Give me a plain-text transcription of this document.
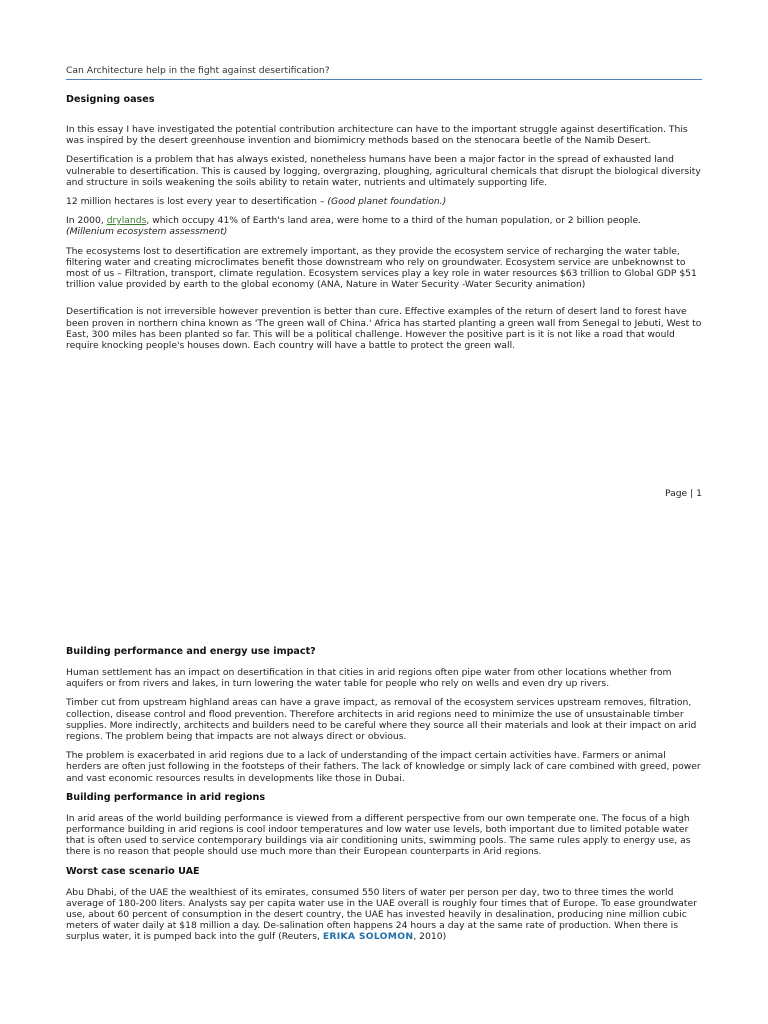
Can Architecture help in the fight against desertification?
Designing oases

In this essay I have investigated the potential contribution architecture can have to the important struggle against desertification. This was inspired by the desert greenhouse invention and biomimicry methods based on the stenocara beetle of the Namib Desert.

Desertification is a problem that has always existed, nonetheless humans have been a major factor in the spread of exhausted land vulnerable to desertification. This is caused by logging, overgrazing, ploughing, agricultural chemicals that disrupt the biological diversity and structure in soils weakening the soils ability to retain water, nutrients and ultimately supporting life.

12 million hectares is lost every year to desertification – (Good planet foundation.)

In 2000, drylands, which occupy 41% of Earth's land area, were home to a third of the human population, or 2 billion people.
(Millenium ecosystem assessment)

The ecosystems lost to desertification are extremely important, as they provide the ecosystem service of recharging the water table, filtering water and creating microclimates benefit those downstream who rely on groundwater. Ecosystem service are unbeknownst to most of us – Filtration, transport, climate regulation. Ecosystem services play a key role in water resources $63 trillion to Global GDP $51 trillion value provided by earth to the global economy (ANA, Nature in Water Security -Water Security animation)

Desertification is not irreversible however prevention is better than cure. Effective examples of the return of desert land to forest have been proven in northern china known as 'The green wall of China.' Africa has started planting a green wall from Senegal to Jebuti, West to East, 300 miles has been planted so far. This will be a political challenge. However the positive part is it is not like a road that would require knocking people's houses down. Each country will have a battle to protect the green wall.

Page | 1
Building performance and energy use impact?

Human settlement has an impact on desertification in that cities in arid regions often pipe water from other locations whether from aquifers or from rivers and lakes, in turn lowering the water table for people who rely on wells and even dry up rivers.

Timber cut from upstream highland areas can have a grave impact, as removal of the ecosystem services upstream removes, filtration, collection, disease control and flood prevention. Therefore architects in arid regions need to minimize the use of unsustainable timber supplies. More indirectly, architects and builders need to be careful where they source all their materials and look at their impact on arid regions. The problem being that impacts are not always direct or obvious.

The problem is exacerbated in arid regions due to a lack of understanding of the impact certain activities have. Farmers or animal herders are often just following in the footsteps of their fathers. The lack of knowledge or simply lack of care combined with greed, power and vast economic resources results in developments like those in Dubai.

Building performance in arid regions

In arid areas of the world building performance is viewed from a different perspective from our own temperate one. The focus of a high performance building in arid regions is cool indoor temperatures and low water use levels, both important due to limited potable water that is often used to service contemporary buildings via air conditioning units, swimming pools. The same rules apply to energy use, as there is no reason that people should use much more than their European counterparts in Arid regions.

Worst case scenario UAE

Abu Dhabi, of the UAE the wealthiest of its emirates, consumed 550 liters of water per person per day, two to three times the world average of 180-200 liters. Analysts say per capita water use in the UAE overall is roughly four times that of Europe. To ease groundwater use, about 60 percent of consumption in the desert country, the UAE has invested heavily in desalination, producing nine million cubic meters of water daily at $18 million a day. De-salination often happens 24 hours a day at the same rate of production. When there is surplus water, it is pumped back into the gulf (Reuters, ERIKA SOLOMON, 2010)
